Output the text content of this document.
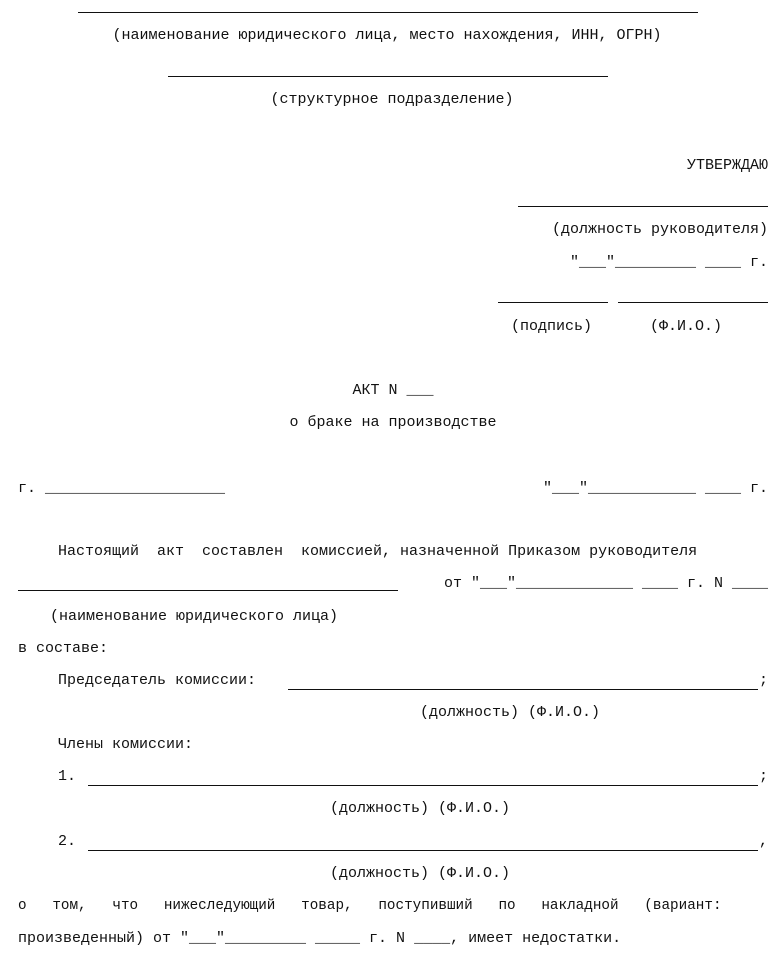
(наименование юридического лица, место нахождения, ИНН, ОГРН)
(структурное подразделение)
УТВЕРЖДАЮ
(должность руководителя)
"___"_________ ____ г.
(подпись)	(Ф.И.О.)
АКТ N ___
о браке на производстве
г. ____________________	"___"____________ ____ г.
Настоящий  акт  составлен  комиссией, назначенной Приказом руководителя
от "___"_____________ ____ г. N ____
(наименование юридического лица)
в составе:
Председатель комиссии:	;
(должность) (Ф.И.О.)
Члены комиссии:
1.	;
(должность) (Ф.И.О.)
2.	,
(должность) (Ф.И.О.)
о   том,   что   нижеследующий   товар,   поступивший   по   накладной   (вариант:
произведенный) от "___"_________ _____ г. N ____, имеет недостатки.
